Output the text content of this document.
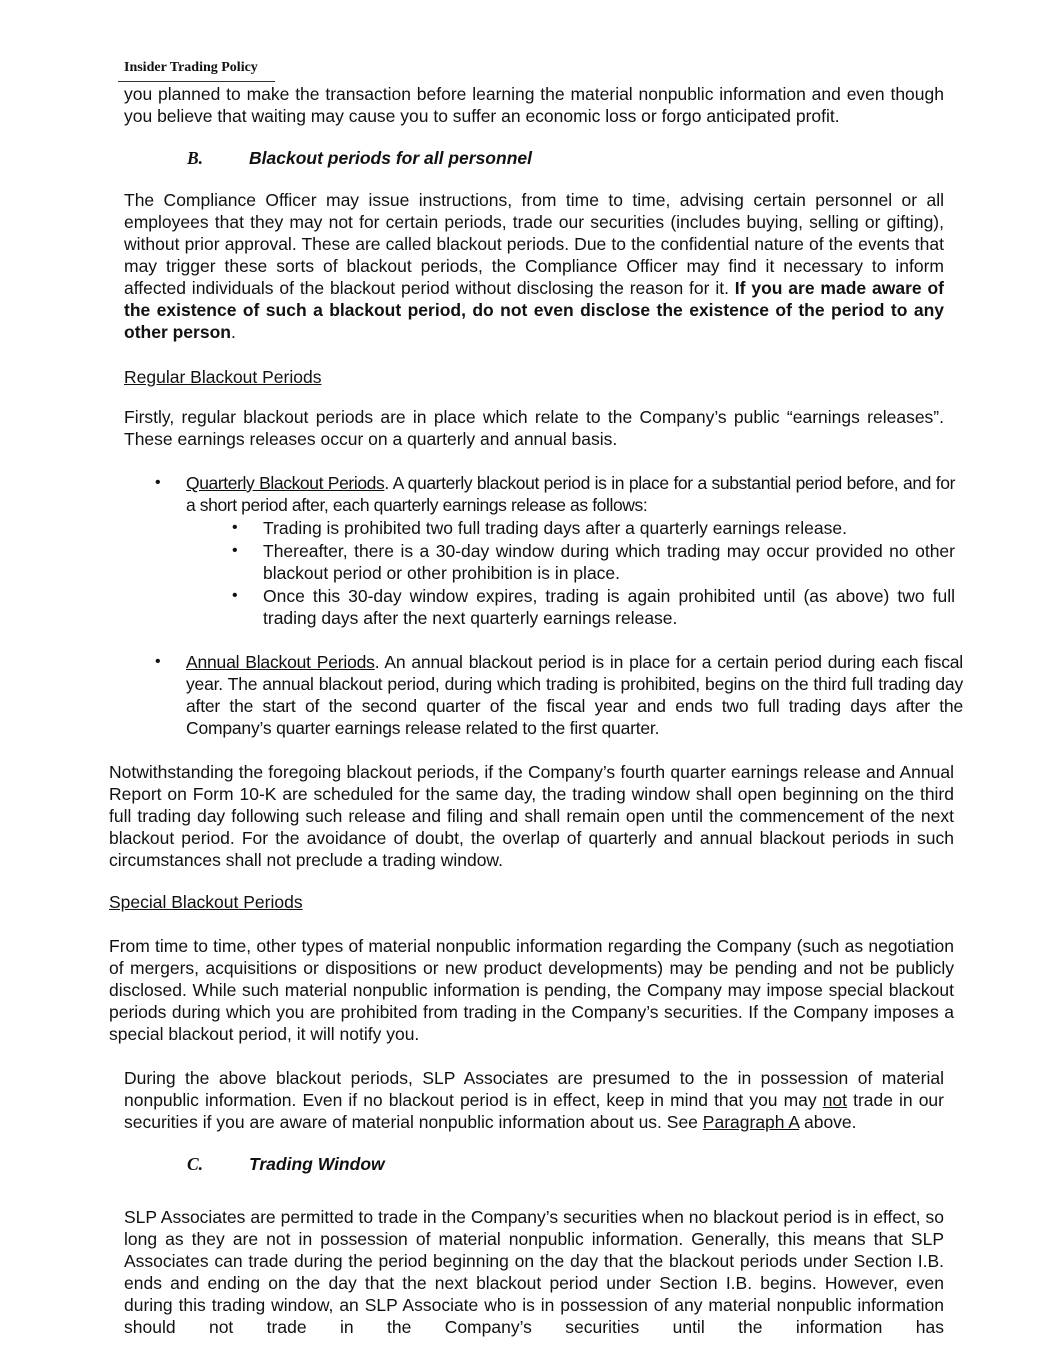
Insider Trading Policy
you planned to make the transaction before learning the material nonpublic information and even though you believe that waiting may cause you to suffer an economic loss or forgo anticipated profit.
B.	Blackout periods for all personnel
The Compliance Officer may issue instructions, from time to time, advising certain personnel or all employees that they may not for certain periods, trade our securities (includes buying, selling or gifting), without prior approval. These are called blackout periods. Due to the confidential nature of the events that may trigger these sorts of blackout periods, the Compliance Officer may find it necessary to inform affected individuals of the blackout period without disclosing the reason for it. If you are made aware of the existence of such a blackout period, do not even disclose the existence of the period to any other person.
Regular Blackout Periods
Firstly, regular blackout periods are in place which relate to the Company’s public “earnings releases”. These earnings releases occur on a quarterly and annual basis.
• Quarterly Blackout Periods. A quarterly blackout period is in place for a substantial period before, and for a short period after, each quarterly earnings release as follows:
• Trading is prohibited two full trading days after a quarterly earnings release.
• Thereafter, there is a 30-day window during which trading may occur provided no other blackout period or other prohibition is in place.
• Once this 30-day window expires, trading is again prohibited until (as above) two full trading days after the next quarterly earnings release.
• Annual Blackout Periods. An annual blackout period is in place for a certain period during each fiscal year. The annual blackout period, during which trading is prohibited, begins on the third full trading day after the start of the second quarter of the fiscal year and ends two full trading days after the Company’s quarter earnings release related to the first quarter.
Notwithstanding the foregoing blackout periods, if the Company’s fourth quarter earnings release and Annual Report on Form 10-K are scheduled for the same day, the trading window shall open beginning on the third full trading day following such release and filing and shall remain open until the commencement of the next blackout period. For the avoidance of doubt, the overlap of quarterly and annual blackout periods in such circumstances shall not preclude a trading window.
Special Blackout Periods
From time to time, other types of material nonpublic information regarding the Company (such as negotiation of mergers, acquisitions or dispositions or new product developments) may be pending and not be publicly disclosed. While such material nonpublic information is pending, the Company may impose special blackout periods during which you are prohibited from trading in the Company’s securities. If the Company imposes a special blackout period, it will notify you.
During the above blackout periods, SLP Associates are presumed to the in possession of material nonpublic information. Even if no blackout period is in effect, keep in mind that you may not trade in our securities if you are aware of material nonpublic information about us. See Paragraph A above.
C.	Trading Window
SLP Associates are permitted to trade in the Company’s securities when no blackout period is in effect, so long as they are not in possession of material nonpublic information. Generally, this means that SLP Associates can trade during the period beginning on the day that the blackout periods under Section I.B. ends and ending on the day that the next blackout period under Section I.B. begins. However, even during this trading window, an SLP Associate who is in possession of any material nonpublic information should not trade in the Company’s securities until the information has
